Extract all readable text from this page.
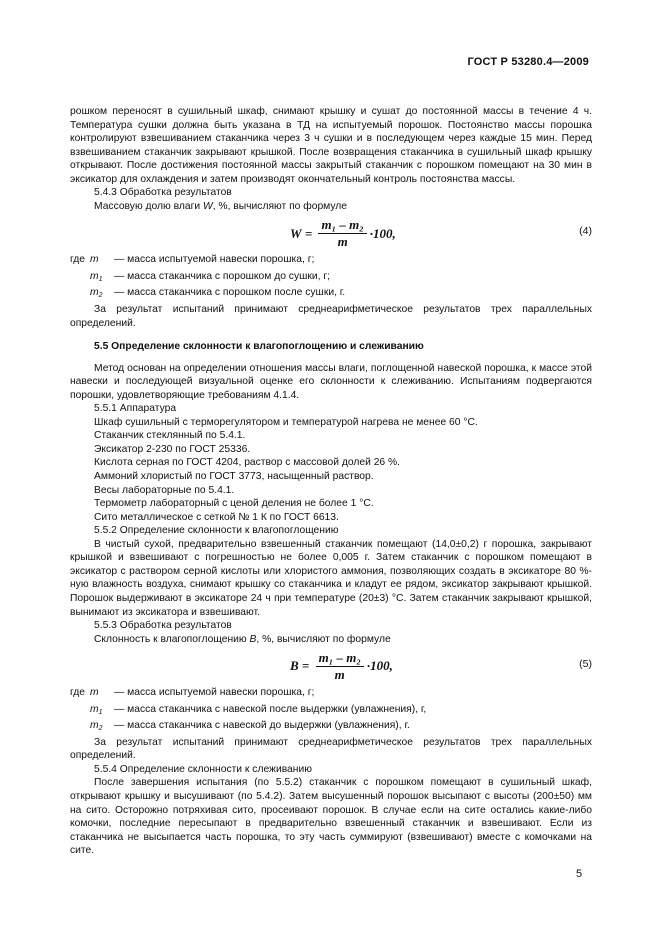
ГОСТ Р 53280.4—2009

рошком переносят в сушильный шкаф, снимают крышку и сушат до постоянной массы в течение 4 ч. Температура сушки должна быть указана в ТД на испытуемый порошок. Постоянство массы порошка контролируют взвешиванием стаканчика через 3 ч сушки и в последующем через каждые 15 мин. Перед взвешиванием стаканчик закрывают крышкой. После возвращения стаканчика в сушильный шкаф крышку открывают. После достижения постоянной массы закрытый стаканчик с порошком помещают на 30 мин в эксикатор для охлаждения и затем производят окончательный контроль постоянства массы.

5.4.3 Обработка результатов

Массовую долю влаги W, %, вычисляют по формуле

$W = \frac{\text{m₁ – m₂}}{m} \cdot 100$,	(4)
где m	— масса испытуемой навески порошка, г;
$m_1$	— масса стаканчика с порошком до сушки, г;
$m_2$	— масса стаканчика с порошком после сушки, г.

За результат испытаний принимают среднеарифметическое результатов трех параллельных определений.

5.5 Определение склонности к влагопоглощению и слеживанию

Метод основан на определении отношения массы влаги, поглощенной навеской порошка, к массе этой навески и последующей визуальной оценке его склонности к слеживанию. Испытаниям подвергаются порошки, удовлетворяющие требованиям 4.1.4.

5.5.1 Аппаратура

Шкаф сушильный с терморегулятором и температурой нагрева не менее 60 °С.

Стаканчик стеклянный по 5.4.1.

Эксикатор 2-230 по ГОСТ 25336.

Кислота серная по ГОСТ 4204, раствор с массовой долей 26 %.

Аммоний хлористый по ГОСТ 3773, насыщенный раствор.

Весы лабораторные по 5.4.1.

Термометр лабораторный с ценой деления не более 1 °С.

Сито металлическое с сеткой № 1 К по ГОСТ 6613.

5.5.2 Определение склонности к влагопоглощению

В чистый сухой, предварительно взвешенный стаканчик помещают (14,0±0,2) г порошка, закрывают крышкой и взвешивают с погрешностью не более 0,005 г. Затем стаканчик с порошком помещают в эксикатор с раствором серной кислоты или хлористого аммония, позволяющих создать в эксикаторе 80 %-ную влажность воздуха, снимают крышку со стаканчика и кладут ее рядом, эксикатор закрывают крышкой. Порошок выдерживают в эксикаторе 24 ч при температуре (20±3) °С. Затем стаканчик закрывают крышкой, вынимают из эксикатора и взвешивают.

5.5.3 Обработка результатов

Склонность к влагопоглощению B, %, вычисляют по формуле

$B = \frac{\text{m₁ – m₂}}{m} \cdot 100$,	(5)
где m	— масса испытуемой навески порошка, г;
$m_1$	— масса стаканчика с навеской после выдержки (увлажнения), г,
$m_2$	— масса стаканчика с навеской до выдержки (увлажнения), г.

За результат испытаний принимают среднеарифметическое результатов трех параллельных определений.

5.5.4 Определение склонности к слеживанию

После завершения испытания (по 5.5.2) стаканчик с порошком помещают в сушильный шкаф, открывают крышку и высушивают (по 5.4.2). Затем высушенный порошок высыпают с высоты (200±50) мм на сито. Осторожно потряхивая сито, просеивают порошок. В случае если на сите остались какие-либо комочки, последние пересыпают в предварительно взвешенный стаканчик и взвешивают. Если из стаканчика не высыпается часть порошка, то эту часть суммируют (взвешивают) вместе с комочками на сите.

5
